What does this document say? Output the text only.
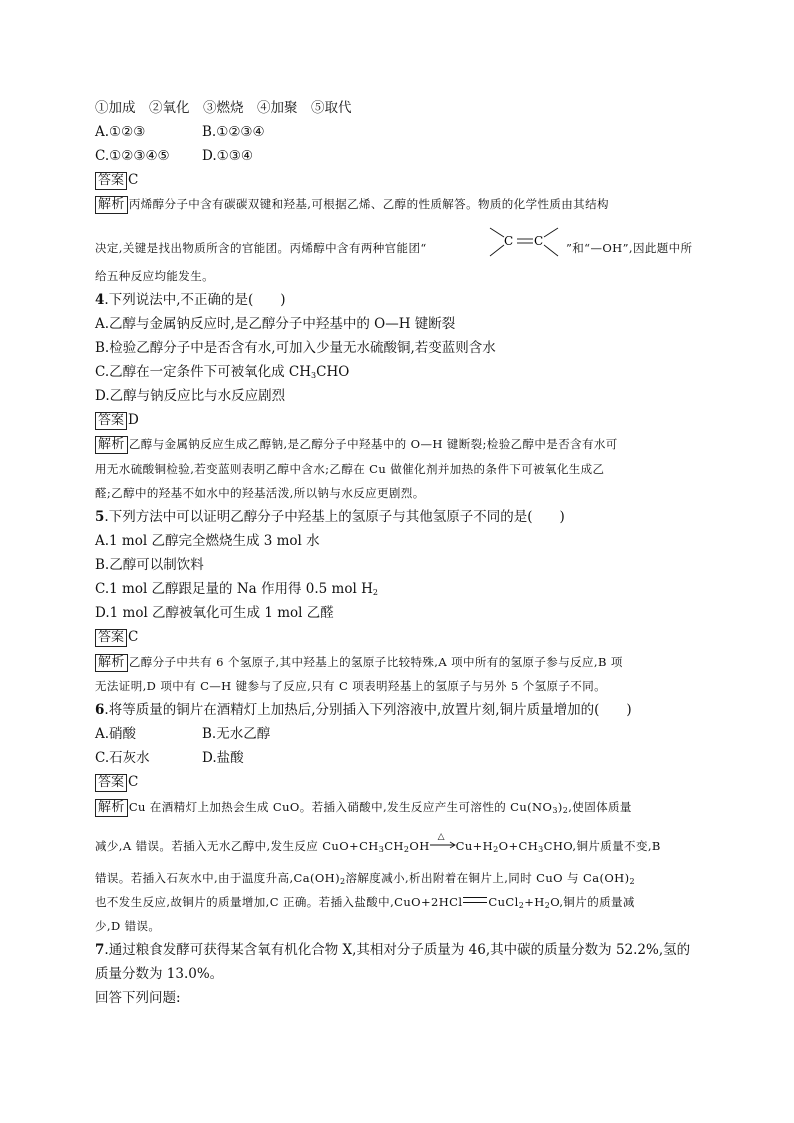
①加成　②氧化　③燃烧　④加聚　⑤取代
A.①②③	B.①②③④
C.①②③④⑤ D.①③④
答案 C
解析 丙烯醇分子中含有碳碳双键和羟基,可根据乙烯、乙醇的性质解答。物质的化学性质由其结构
决定,关键是找出物质所含的官能团。丙烯醇中含有两种官能团“	C C ”和“—OH”,因此题中所
给五种反应均能发生。
4.下列说法中,不正确的是(　　)
A.乙醇与金属钠反应时,是乙醇分子中羟基中的 O—H 键断裂
B.检验乙醇分子中是否含有水,可加入少量无水硫酸铜,若变蓝则含水
C.乙醇在一定条件下可被氧化成 $CH_3CHO$
D.乙醇与钠反应比与水反应剧烈
答案 D
解析 乙醇与金属钠反应生成乙醇钠,是乙醇分子中羟基中的 O—H 键断裂;检验乙醇中是否含有水可
用无水硫酸铜检验,若变蓝则表明乙醇中含水;乙醇在 Cu 做催化剂并加热的条件下可被氧化生成乙
醛;乙醇中的羟基不如水中的羟基活泼,所以钠与水反应更剧烈。
5.下列方法中可以证明乙醇分子中羟基上的氢原子与其他氢原子不同的是(　　)
A.1 mol 乙醇完全燃烧生成 3 mol 水
B.乙醇可以制饮料
C.1 mol 乙醇跟足量的 Na 作用得 0.5 mol $H_2$
D.1 mol 乙醇被氧化可生成 1 mol 乙醛
答案 C
解析 乙醇分子中共有 6 个氢原子,其中羟基上的氢原子比较特殊,A 项中所有的氢原子参与反应,B 项
无法证明,D 项中有 C—H 键参与了反应,只有 C 项表明羟基上的氢原子与另外 5 个氢原子不同。
6.将等质量的铜片在酒精灯上加热后,分别插入下列溶液中,放置片刻,铜片质量增加的(　　)
A.硝酸	B.无水乙醇
C.石灰水	D.盐酸
答案 C
解析 Cu 在酒精灯上加热会生成 CuO。若插入硝酸中,发生反应产生可溶性的 $Cu(NO_3)_2$,使固体质量
减少,A 错误。若插入无水乙醇中,发生反应 $CuO+CH_3CH_2OH$
△
$Cu+H_2O+CH_3CHO$,铜片质量不变,B
错误。若插入石灰水中,由于温度升高$,Ca(OH)_2$溶解度减小,析出附着在铜片上,同时 CuO 与 $Ca(OH)_2$
也不发生反应,故铜片的质量增加,C 正确。若插入盐酸中,CuO+2HCl $CuCl_2+H_2O$,铜片的质量减
少,D 错误。
7.通过粮食发酵可获得某含氧有机化合物 X,其相对分子质量为 46,其中碳的质量分数为 52.2%,氢的
质量分数为 13.0%。
回答下列问题:
